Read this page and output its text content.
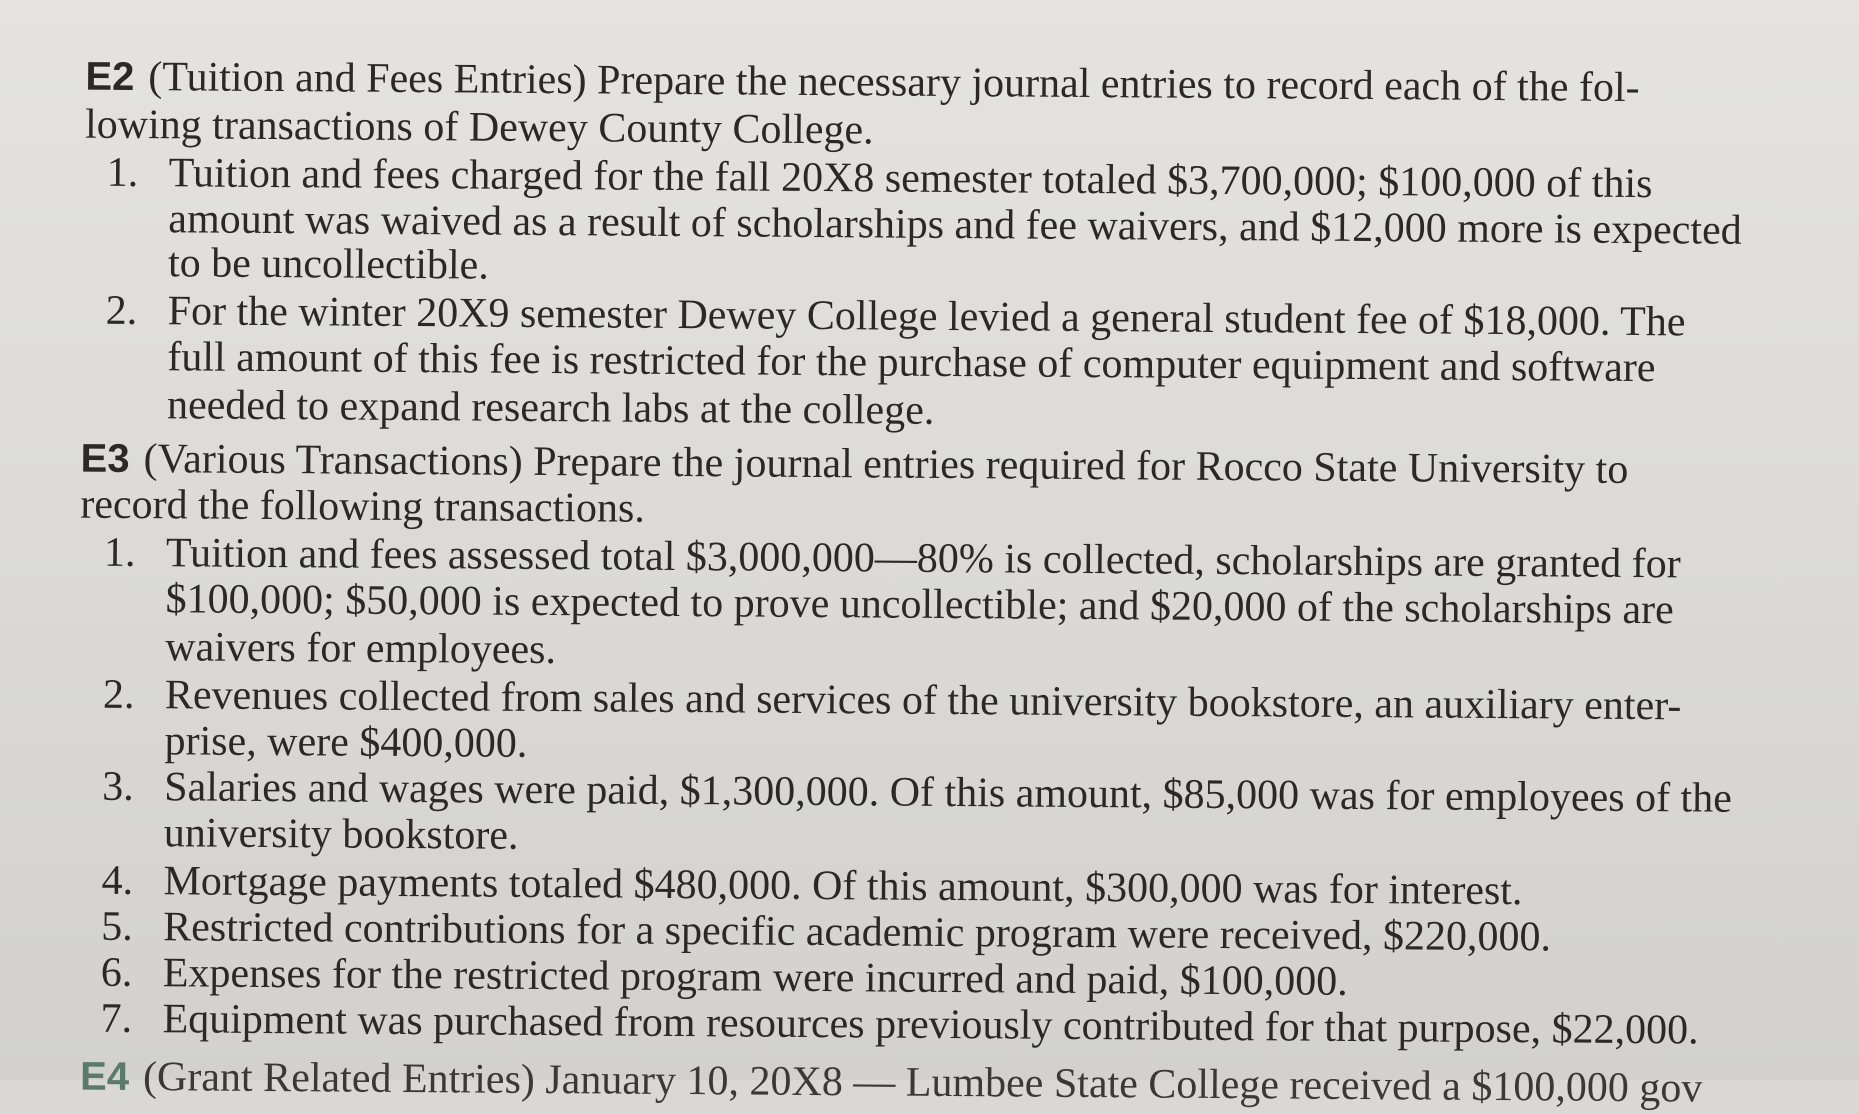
E2 (Tuition and Fees Entries) Prepare the necessary journal entries to record each of the fol-
lowing transactions of Dewey County College.
1. Tuition and fees charged for the fall 20X8 semester totaled $3,700,000; $100,000 of this
amount was waived as a result of scholarships and fee waivers, and $12,000 more is expected
to be uncollectible.
2. For the winter 20X9 semester Dewey College levied a general student fee of $18,000. The
full amount of this fee is restricted for the purchase of computer equipment and software
needed to expand research labs at the college.
E3 (Various Transactions) Prepare the journal entries required for Rocco State University to
record the following transactions.
1. Tuition and fees assessed total $3,000,000—80% is collected, scholarships are granted for
$100,000; $50,000 is expected to prove uncollectible; and $20,000 of the scholarships are
waivers for employees.
2. Revenues collected from sales and services of the university bookstore, an auxiliary enter-
prise, were $400,000.
3. Salaries and wages were paid, $1,300,000. Of this amount, $85,000 was for employees of the
university bookstore.
4. Mortgage payments totaled $480,000. Of this amount, $300,000 was for interest.
5. Restricted contributions for a specific academic program were received, $220,000.
6. Expenses for the restricted program were incurred and paid, $100,000.
7. Equipment was purchased from resources previously contributed for that purpose, $22,000.
E4 (Grant Related Entries) January 10, 20X8 — Lumbee State College received a $100,000 gov
